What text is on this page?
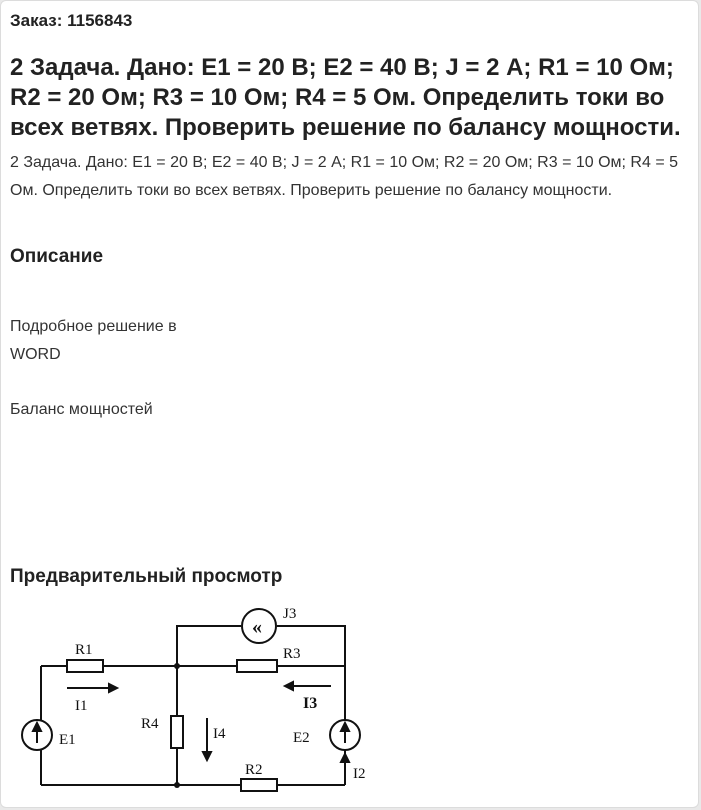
Заказ: 1156843
2 Задача. Дано: E1 = 20 В; E2 = 40 В; J = 2 А; R1 = 10 Ом; R2 = 20 Ом; R3 = 10 Ом; R4 = 5 Ом. Определить токи во всех ветвях. Проверить решение по балансу мощности.
2 Задача. Дано: E1 = 20 В; E2 = 40 В; J = 2 А; R1 = 10 Ом; R2 = 20 Ом; R3 = 10 Ом; R4 = 5 Ом. Определить токи во всех ветвях. Проверить решение по балансу мощности.
Описание
Подробное решение в
WORD
Баланс мощностей
Предварительный просмотр
«
J3
R1	R3
I1	I3
R4
I4
E1	E2
R2	I2
